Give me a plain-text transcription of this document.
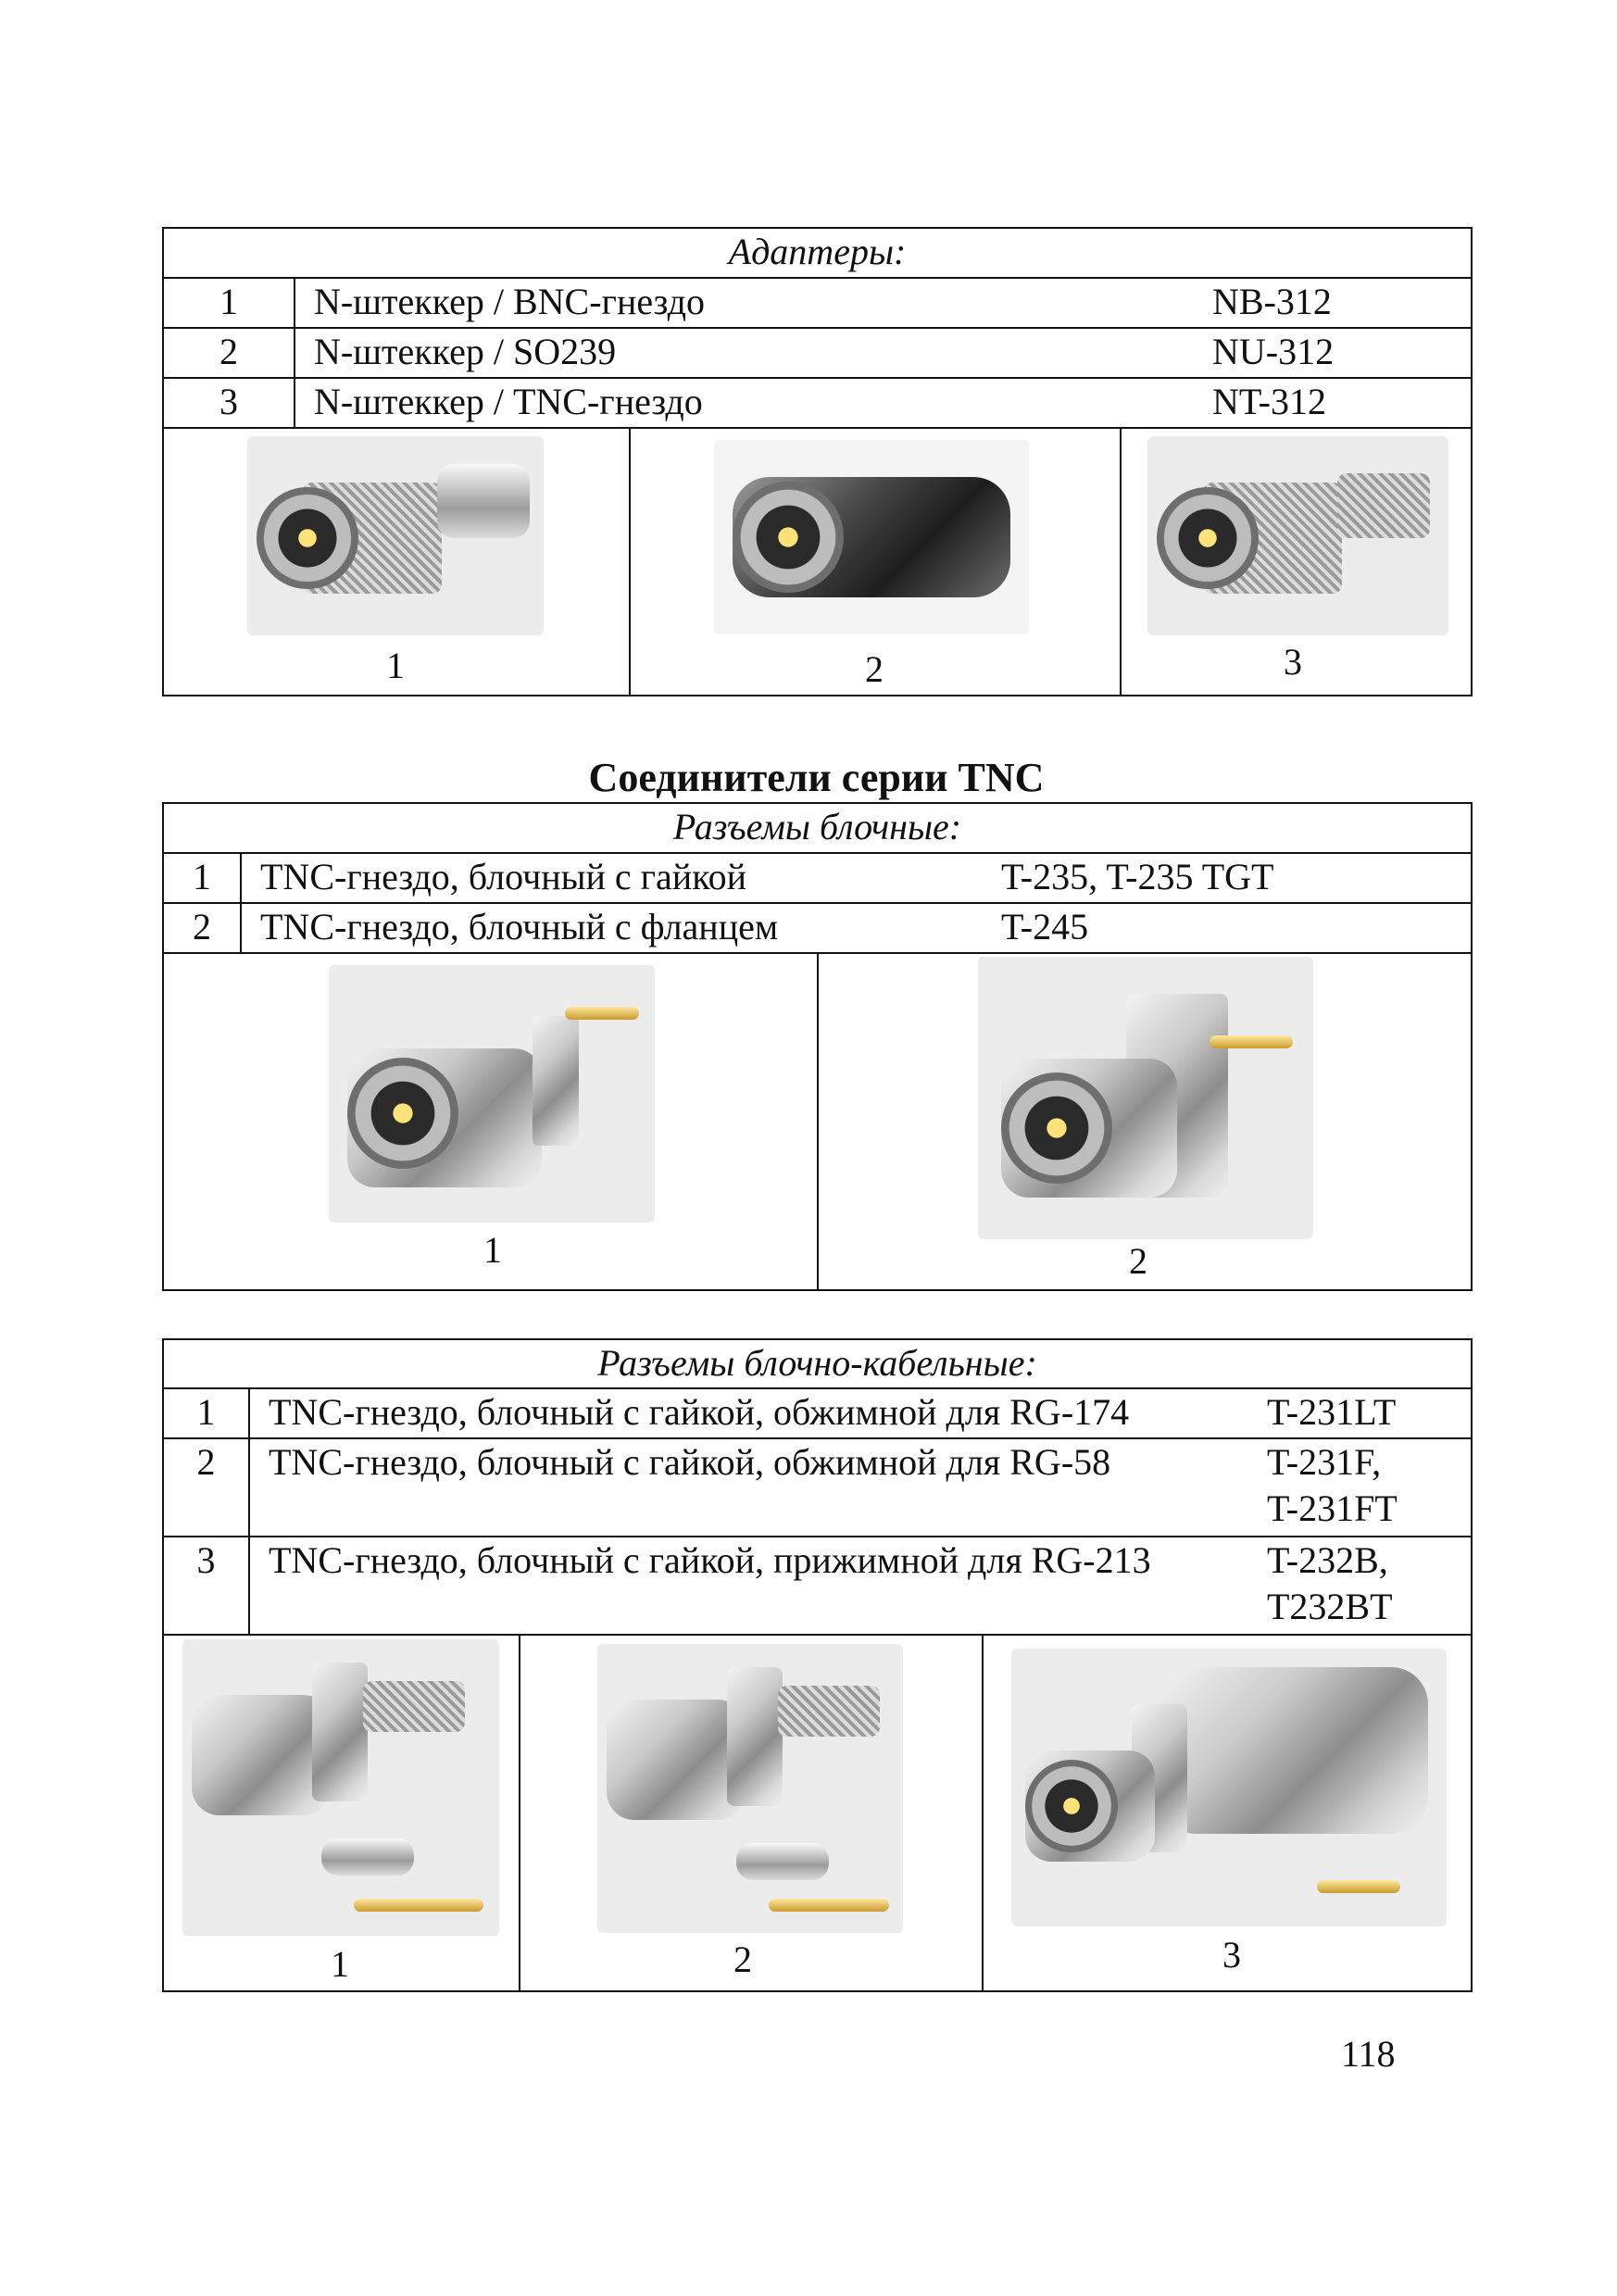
Адаптеры:	
1	N-штеккер / BNC-гнездо NB-312

2	N-штеккер / SO239 NU-312

3	N-штеккер / TNC-гнездо NT-312

1 2 3	
Соединители серии TNC
Разъемы блочные:	
1	TNC-гнездо, блочный с гайкой T-235, T-235 TGT

2	TNC-гнездо, блочный с фланцем T-245

1 2	
Разъемы блочно-кабельные:		
1	TNC-гнездо, блочный с гайкой, обжимной для RG-174	T-231LT
2	TNC-гнездо, блочный с гайкой, обжимной для RG-58	T-231F,
T-231FT
3	TNC-гнездо, блочный с гайкой, прижимной для RG-213	T-232B,
T232BT

1 2 3		
118
